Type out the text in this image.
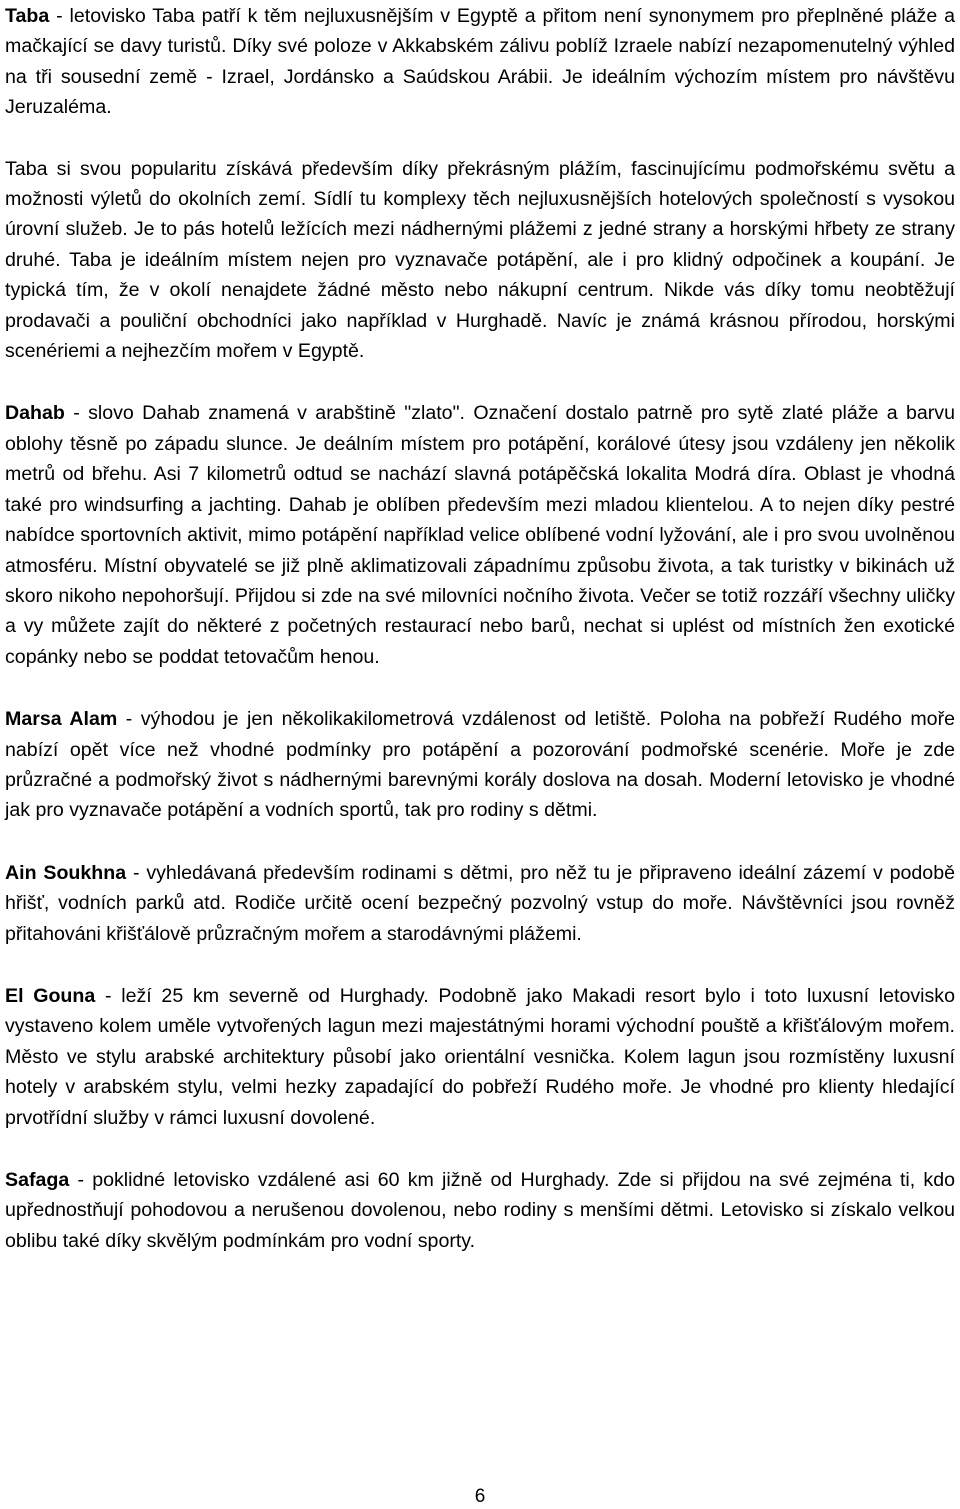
Taba - letovisko Taba patří k těm nejluxusnějším v Egyptě a přitom není synonymem pro přeplněné pláže a mačkající se davy turistů. Díky své poloze v Akkabském zálivu poblíž Izraele nabízí nezapomenutelný výhled na tři sousední země - Izrael, Jordánsko a Saúdskou Arábii. Je ideálním výchozím místem pro návštěvu Jeruzaléma.

Taba si svou popularitu získává především díky překrásným plážím, fascinujícímu podmořskému světu a možnosti výletů do okolních zemí. Sídlí tu komplexy těch nejluxusnějších hotelových společností s vysokou úrovní služeb. Je to pás hotelů ležících mezi nádhernými plážemi z jedné strany a horskými hřbety ze strany druhé. Taba je ideálním místem nejen pro vyznavače potápění, ale i pro klidný odpočinek a koupání. Je typická tím, že v okolí nenajdete žádné město nebo nákupní centrum. Nikde vás díky tomu neobtěžují prodavači a pouliční obchodníci jako například v Hurghadě. Navíc je známá krásnou přírodou, horskými scenériemi a nejhezčím mořem v Egyptě.

Dahab - slovo Dahab znamená v arabštině "zlato". Označení dostalo patrně pro sytě zlaté pláže a barvu oblohy těsně po západu slunce. Je deálním místem pro potápění, korálové útesy jsou vzdáleny jen několik metrů od břehu. Asi 7 kilometrů odtud se nachází slavná potápěčská lokalita Modrá díra. Oblast je vhodná také pro windsurfing a jachting. Dahab je oblíben především mezi mladou klientelou. A to nejen díky pestré nabídce sportovních aktivit, mimo potápění například velice oblíbené vodní lyžování, ale i pro svou uvolněnou atmosféru. Místní obyvatelé se již plně aklimatizovali západnímu způsobu života, a tak turistky v bikinách už skoro nikoho nepohoršují. Přijdou si zde na své milovníci nočního života. Večer se totiž rozzáří všechny uličky a vy můžete zajít do některé z početných restaurací nebo barů, nechat si uplést od místních žen exotické copánky nebo se poddat tetovačům henou.

Marsa Alam - výhodou je jen několikakilometrová vzdálenost od letiště. Poloha na pobřeží Rudého moře nabízí opět více než vhodné podmínky pro potápění a pozorování podmořské scenérie. Moře je zde průzračné a podmořský život s nádhernými barevnými korály doslova na dosah. Moderní letovisko je vhodné jak pro vyznavače potápění a vodních sportů, tak pro rodiny s dětmi.

Ain Soukhna - vyhledávaná především rodinami s dětmi, pro něž tu je připraveno ideální zázemí v podobě hřišť, vodních parků atd. Rodiče určitě ocení bezpečný pozvolný vstup do moře. Návštěvníci jsou rovněž přitahováni křišťálově průzračným mořem a starodávnými plážemi.

El Gouna - leží 25 km severně od Hurghady. Podobně jako Makadi resort bylo i toto luxusní letovisko vystaveno kolem uměle vytvořených lagun mezi majestátnými horami východní pouště a křišťálovým mořem. Město ve stylu arabské architektury působí jako orientální vesnička. Kolem lagun jsou rozmístěny luxusní hotely v arabském stylu, velmi hezky zapadající do pobřeží Rudého moře. Je vhodné pro klienty hledající prvotřídní služby v rámci luxusní dovolené.

Safaga - poklidné letovisko vzdálené asi 60 km jižně od Hurghady. Zde si přijdou na své zejména ti, kdo upřednostňují pohodovou a nerušenou dovolenou, nebo rodiny s menšími dětmi. Letovisko si získalo velkou oblibu také díky skvělým podmínkám pro vodní sporty.

6
